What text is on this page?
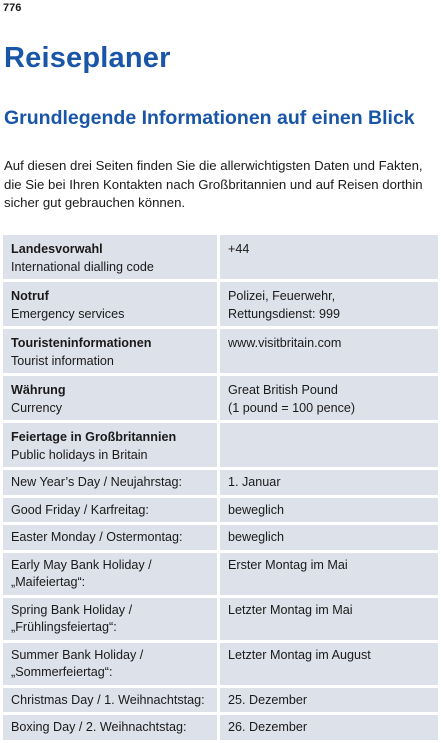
776
Reiseplaner
Grundlegende Informationen auf einen Blick

Auf diesen drei Seiten finden Sie die allerwichtigsten Daten und Fakten, die Sie bei Ihren Kontakten nach Großbritannien und auf Reisen dorthin sicher gut gebrauchen können.

Landesvorwahl
International dialling code	+44

Notruf
Emergency services	Polizei, Feuerwehr,
Rettungsdienst: 999

Touristeninformationen
Tourist information	www.visitbritain.com

Währung
Currency	Great British Pound
(1 pound = 100 pence)

Feiertage in Großbritannien
Public holidays in Britain	

New Year’s Day / Neujahrstag:	1. Januar
Good Friday / Karfreitag:	beweglich
Easter Monday / Ostermontag:	beweglich

Early May Bank Holiday /
„Maifeiertag“:	Erster Montag im Mai

Spring Bank Holiday /
„Frühlingsfeiertag“:	Letzter Montag im Mai

Summer Bank Holiday /
„Sommerfeiertag“:	Letzter Montag im August
Christmas Day / 1. Weihnachtstag:	25. Dezember
Boxing Day / 2. Weihnachtstag:	26. Dezember
